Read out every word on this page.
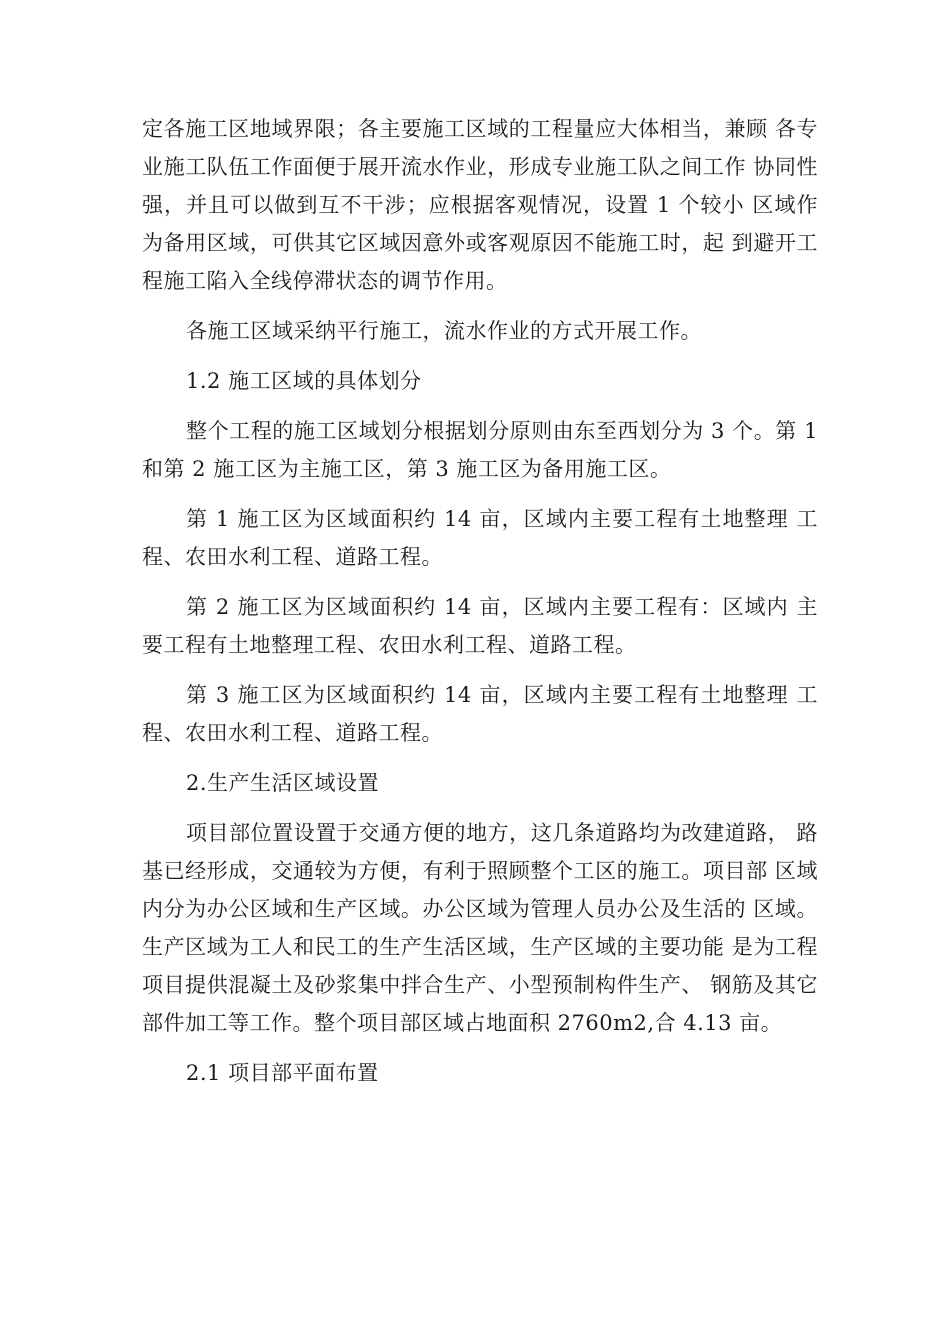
定各施工区地域界限；各主要施工区域的工程量应大体相当，兼顾 各专业施工队伍工作面便于展开流水作业，形成专业施工队之间工作 协同性强，并且可以做到互不干涉；应根据客观情况，设置 1 个较小 区域作为备用区域，可供其它区域因意外或客观原因不能施工时，起 到避开工程施工陷入全线停滞状态的调节作用。

各施工区域采纳平行施工，流水作业的方式开展工作。

1.2 施工区域的具体划分

整个工程的施工区域划分根据划分原则由东至西划分为 3 个。第 1 和第 2 施工区为主施工区，第 3 施工区为备用施工区。

第 1 施工区为区域面积约 14 亩，区域内主要工程有土地整理 工程、农田水利工程、道路工程。

第 2 施工区为区域面积约 14 亩，区域内主要工程有：区域内 主要工程有土地整理工程、农田水利工程、道路工程。

第 3 施工区为区域面积约 14 亩，区域内主要工程有土地整理 工程、农田水利工程、道路工程。

2.生产生活区域设置

项目部位置设置于交通方便的地方，这几条道路均为改建道路， 路基已经形成，交通较为方便，有利于照顾整个工区的施工。项目部 区域内分为办公区域和生产区域。办公区域为管理人员办公及生活的 区域。生产区域为工人和民工的生产生活区域，生产区域的主要功能 是为工程项目提供混凝土及砂浆集中拌合生产、小型预制构件生产、 钢筋及其它部件加工等工作。整个项目部区域占地面积 2760m2,合 4.13 亩。

2.1 项目部平面布置
